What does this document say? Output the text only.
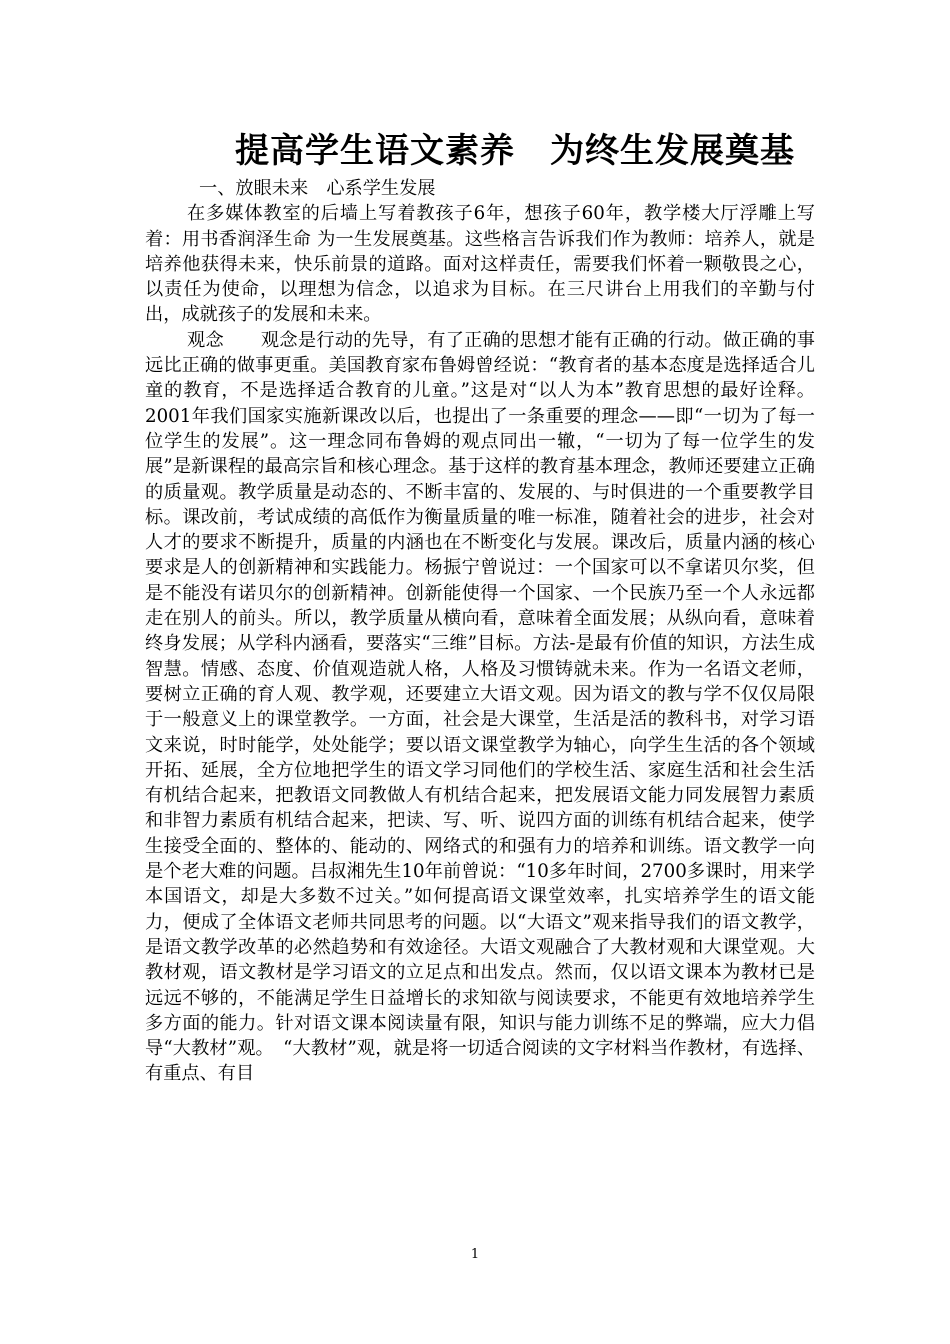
提高学生语文素养　为终生发展奠基

一、放眼未来　心系学生发展

在多媒体教室的后墙上写着教孩子6年，想孩子60年，教学楼大厅浮雕上写着：用书香润泽生命 为一生发展奠基。这些格言告诉我们作为教师：培养人，就是培养他获得未来，快乐前景的道路。面对这样责任，需要我们怀着一颗敬畏之心，以责任为使命，以理想为信念，以追求为目标。在三尺讲台上用我们的辛勤与付出，成就孩子的发展和未来。

观念　　观念是行动的先导，有了正确的思想才能有正确的行动。做正确的事远比正确的做事更重。美国教育家布鲁姆曾经说：“教育者的基本态度是选择适合儿童的教育，不是选择适合教育的儿童。”这是对“以人为本”教育思想的最好诠释。2001年我们国家实施新课改以后，也提出了一条重要的理念——即“一切为了每一位学生的发展”。这一理念同布鲁姆的观点同出一辙，“一切为了每一位学生的发展”是新课程的最高宗旨和核心理念。基于这样的教育基本理念，教师还要建立正确的质量观。教学质量是动态的、不断丰富的、发展的、与时俱进的一个重要教学目标。课改前，考试成绩的高低作为衡量质量的唯一标准，随着社会的进步，社会对人才的要求不断提升，质量的内涵也在不断变化与发展。课改后，质量内涵的核心要求是人的创新精神和实践能力。杨振宁曾说过：一个国家可以不拿诺贝尔奖，但是不能没有诺贝尔的创新精神。创新能使得一个国家、一个民族乃至一个人永远都走在别人的前头。所以，教学质量从横向看，意味着全面发展；从纵向看，意味着终身发展；从学科内涵看，要落实“三维”目标。方法-是最有价值的知识，方法生成智慧。情感、态度、价值观造就人格，人格及习惯铸就未来。作为一名语文老师，要树立正确的育人观、教学观，还要建立大语文观。因为语文的教与学不仅仅局限于一般意义上的课堂教学。一方面，社会是大课堂，生活是活的教科书，对学习语文来说，时时能学，处处能学；要以语文课堂教学为轴心，向学生生活的各个领域开拓、延展，全方位地把学生的语文学习同他们的学校生活、家庭生活和社会生活有机结合起来，把教语文同教做人有机结合起来，把发展语文能力同发展智力素质和非智力素质有机结合起来，把读、写、听、说四方面的训练有机结合起来，使学生接受全面的、整体的、能动的、网络式的和强有力的培养和训练。语文教学一向是个老大难的问题。吕叔湘先生10年前曾说：“10多年时间，2700多课时，用来学本国语文，却是大多数不过关。”如何提高语文课堂效率，扎实培养学生的语文能力，便成了全体语文老师共同思考的问题。以“大语文”观来指导我们的语文教学，是语文教学改革的必然趋势和有效途径。大语文观融合了大教材观和大课堂观。大教材观，语文教材是学习语文的立足点和出发点。然而，仅以语文课本为教材已是远远不够的，不能满足学生日益增长的求知欲与阅读要求，不能更有效地培养学生多方面的能力。针对语文课本阅读量有限，知识与能力训练不足的弊端，应大力倡导“大教材”观。　“大教材”观，就是将一切适合阅读的文字材料当作教材，有选择、有重点、有目

1
